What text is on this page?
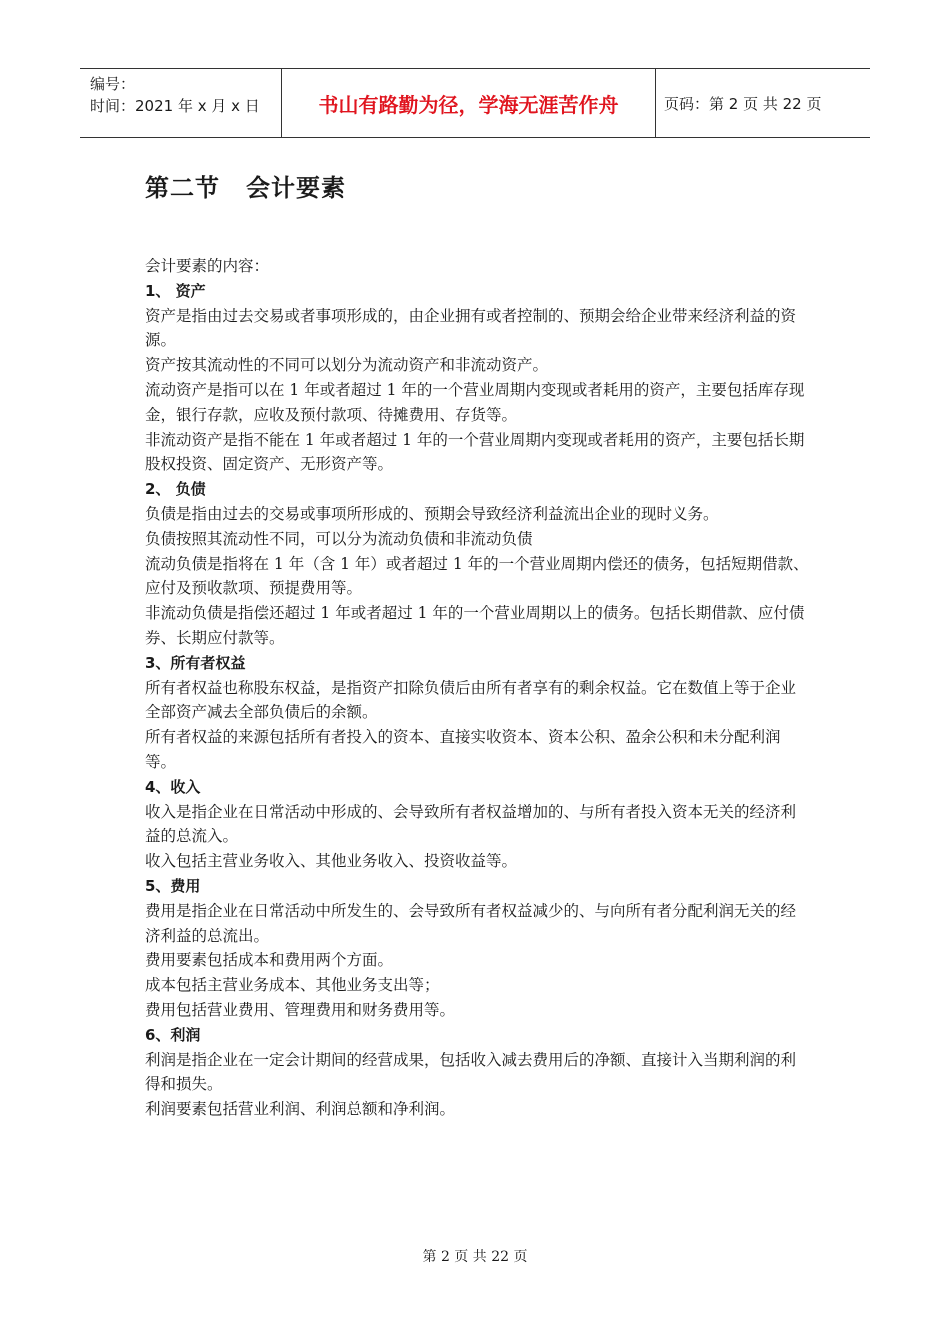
编号：
时间：2021 年 x 月 x 日	书山有路勤为径，学海无涯苦作舟	页码：第 2 页 共 22 页
第二节 会计要素

会计要素的内容：

1、 资产

资产是指由过去交易或者事项形成的，由企业拥有或者控制的、预期会给企业带来经济利益的资源。

资产按其流动性的不同可以划分为流动资产和非流动资产。

流动资产是指可以在 1 年或者超过 1 年的一个营业周期内变现或者耗用的资产，主要包括库存现金，银行存款，应收及预付款项、待摊费用、存货等。

非流动资产是指不能在 1 年或者超过 1 年的一个营业周期内变现或者耗用的资产，主要包括长期股权投资、固定资产、无形资产等。

2、 负债

负债是指由过去的交易或事项所形成的、预期会导致经济利益流出企业的现时义务。

负债按照其流动性不同，可以分为流动负债和非流动负债

流动负债是指将在 1 年（含 1 年）或者超过 1 年的一个营业周期内偿还的债务，包括短期借款、应付及预收款项、预提费用等。

非流动负债是指偿还超过 1 年或者超过 1 年的一个营业周期以上的债务。包括长期借款、应付债券、长期应付款等。

3、所有者权益

所有者权益也称股东权益，是指资产扣除负债后由所有者享有的剩余权益。它在数值上等于企业全部资产减去全部负债后的余额。

所有者权益的来源包括所有者投入的资本、直接实收资本、资本公积、盈余公积和未分配利润等。

4、收入

收入是指企业在日常活动中形成的、会导致所有者权益增加的、与所有者投入资本无关的经济利益的总流入。

收入包括主营业务收入、其他业务收入、投资收益等。

5、费用

费用是指企业在日常活动中所发生的、会导致所有者权益减少的、与向所有者分配利润无关的经济利益的总流出。

费用要素包括成本和费用两个方面。

成本包括主营业务成本、其他业务支出等；

费用包括营业费用、管理费用和财务费用等。

6、利润

利润是指企业在一定会计期间的经营成果，包括收入减去费用后的净额、直接计入当期利润的利得和损失。

利润要素包括营业利润、利润总额和净利润。

第 2 页 共 22 页
